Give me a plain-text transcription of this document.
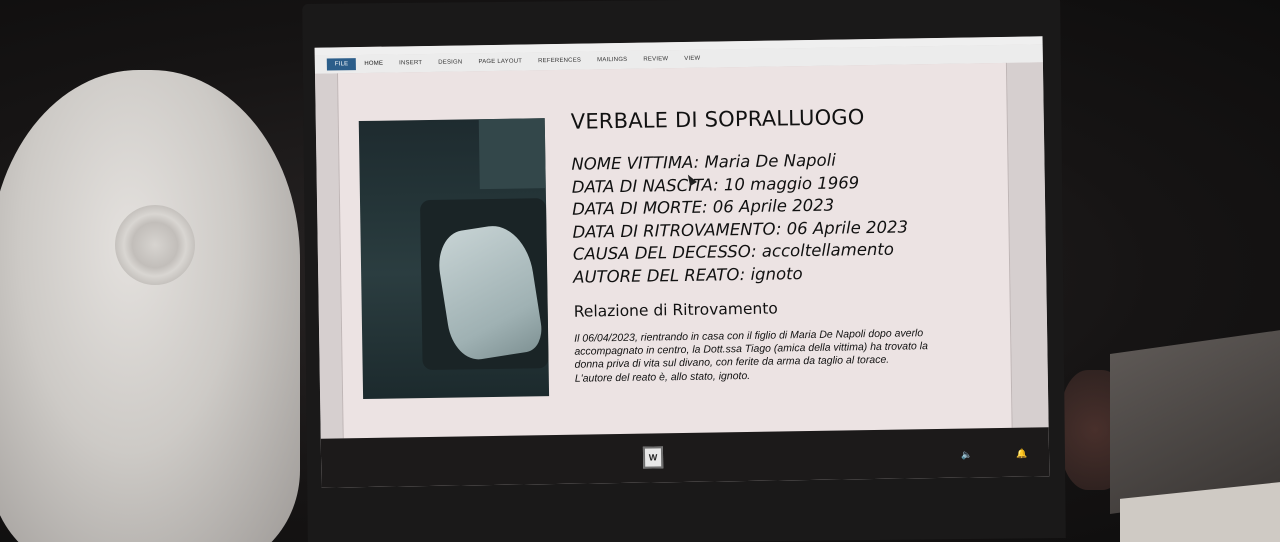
FILE	HOME	INSERT	DESIGN	PAGE LAYOUT	REFERENCES	MAILINGS	REVIEW	VIEW
VERBALE DI SOPRALLUOGO
NOME VITTIMA: Maria De Napoli
DATA DI NASCITA: 10 maggio 1969
DATA DI MORTE: 06 Aprile 2023
DATA DI RITROVAMENTO: 06 Aprile 2023
CAUSA DEL DECESSO: accoltellamento
AUTORE DEL REATO: ignoto
Relazione di Ritrovamento
Il 06/04/2023, rientrando in casa con il figlio di Maria De Napoli dopo averlo
accompagnato in centro, la Dott.ssa Tiago (amica della vittima) ha trovato la
donna priva di vita sul divano, con ferite da arma da taglio al torace.
L'autore del reato è, allo stato, ignoto.
W	🔈	🔔
